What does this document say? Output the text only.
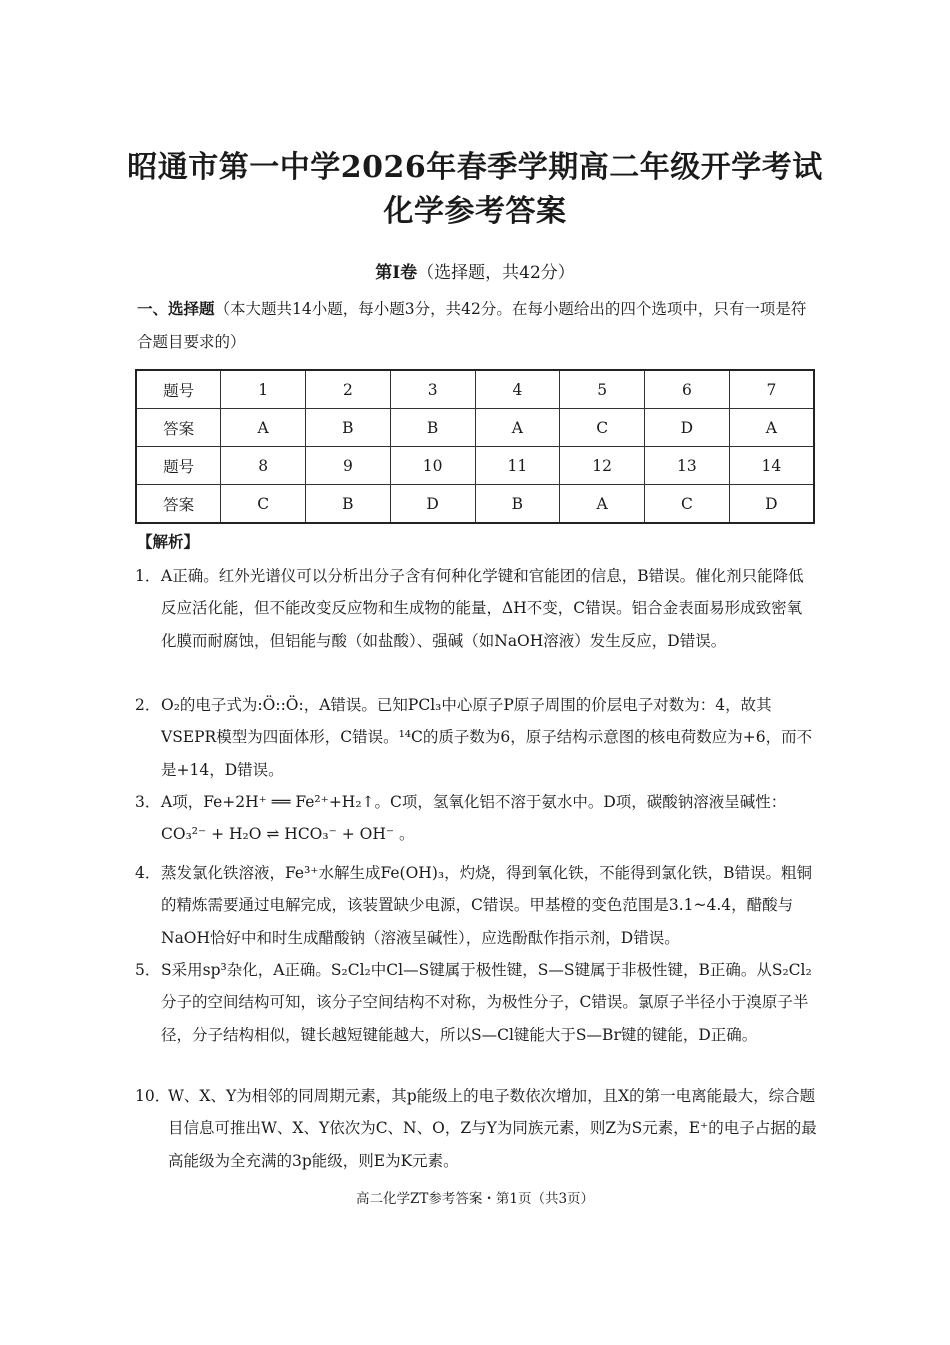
昭通市第一中学2026年春季学期高二年级开学考试
化学参考答案
第Ⅰ卷（选择题，共42分）

一、选择题（本大题共14小题，每小题3分，共42分。在每小题给出的四个选项中，只有一项是符合题目要求的）

题号	1	2	3	4	5	6	7
答案	A	B	B	A	C	D	A
题号	8	9	10	11	12	13	14
答案	C	B	D	B	A	C	D
【解析】
1． A正确。红外光谱仪可以分析出分子含有何种化学键和官能团的信息，B错误。催化剂只能降低反应活化能，但不能改变反应物和生成物的能量，ΔH不变，C错误。铝合金表面易形成致密氧化膜而耐腐蚀，但铝能与酸（如盐酸）、强碱（如NaOH溶液）发生反应，D错误。
2． O₂的电子式为:Ö::Ö:，A错误。已知PCl₃中心原子P原子周围的价层电子对数为：4，故其VSEPR模型为四面体形，C错误。¹⁴C的质子数为6，原子结构示意图的核电荷数应为+6，而不是+14，D错误。
3． A项，Fe+2H⁺ ══ Fe²⁺+H₂↑。C项，氢氧化铝不溶于氨水中。D项，碳酸钠溶液呈碱性：CO₃²⁻ + H₂O ⇌ HCO₃⁻ + OH⁻ 。
4． 蒸发氯化铁溶液，Fe³⁺水解生成Fe(OH)₃，灼烧，得到氧化铁，不能得到氯化铁，B错误。粗铜的精炼需要通过电解完成，该装置缺少电源，C错误。甲基橙的变色范围是3.1~4.4，醋酸与NaOH恰好中和时生成醋酸钠（溶液呈碱性），应选酚酞作指示剂，D错误。
5． S采用sp³杂化，A正确。S₂Cl₂中Cl—S键属于极性键，S—S键属于非极性键，B正确。从S₂Cl₂分子的空间结构可知，该分子空间结构不对称，为极性分子，C错误。氯原子半径小于溴原子半径，分子结构相似，键长越短键能越大，所以S—Cl键能大于S—Br键的键能，D正确。
10．
W、X、Y为相邻的同周期元素，其p能级上的电子数依次增加，且X的第一电离能最大，综合题目信息可推出W、X、Y依次为C、N、O，Z与Y为同族元素，则Z为S元素，E⁺的电子占据的最高能级为全充满的3p能级，则E为K元素。
高二化学ZT参考答案・第1页（共3页）
